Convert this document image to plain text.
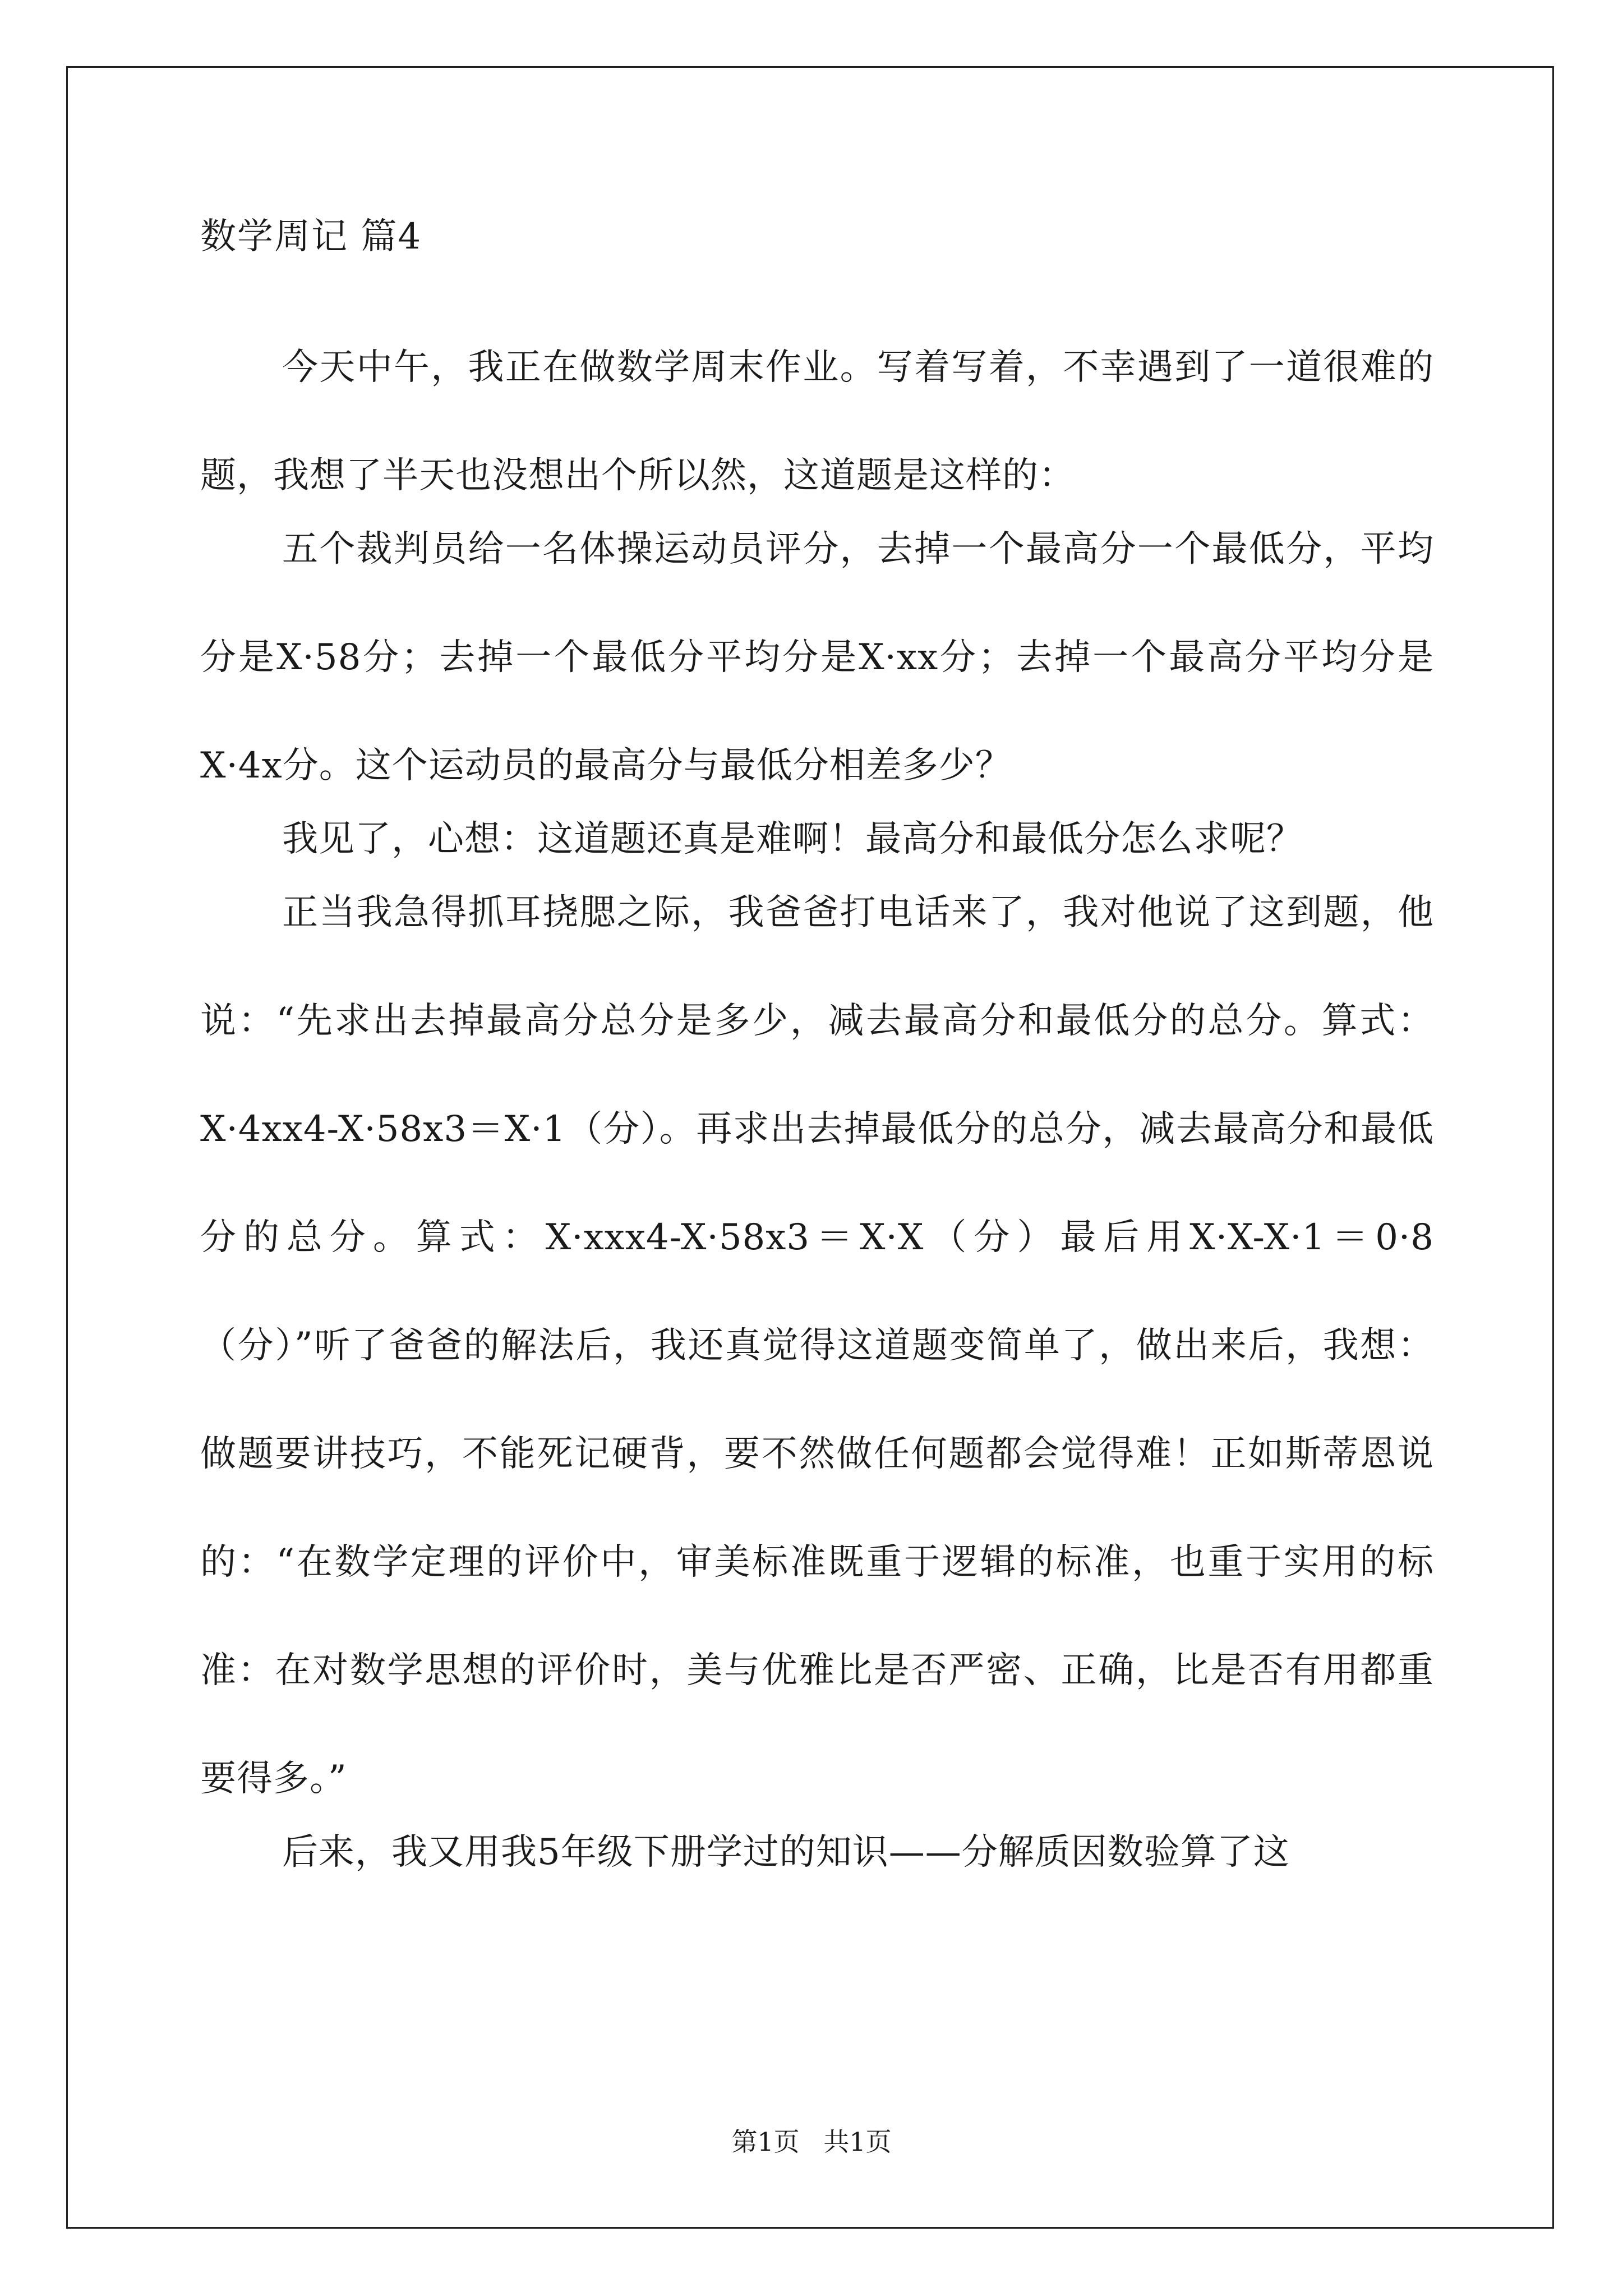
数学周记 篇4

今天中午，我正在做数学周末作业。写着写着，不幸遇到了一道很难的题，我想了半天也没想出个所以然，这道题是这样的：

五个裁判员给一名体操运动员评分，去掉一个最高分一个最低分，平均分是X·58分；去掉一个最低分平均分是X·xx分；去掉一个最高分平均分是X·4x分。这个运动员的最高分与最低分相差多少？

我见了，心想：这道题还真是难啊！最高分和最低分怎么求呢？

正当我急得抓耳挠腮之际，我爸爸打电话来了，我对他说了这到题，他说：“先求出去掉最高分总分是多少，减去最高分和最低分的总分。算式：X·4xx4-X·58x3＝X·1（分）。再求出去掉最低分的总分，减去最高分和最低分的总分。算式：X·xxx4-X·58x3＝X·X（分）最后用X·X-X·1＝0·8（分）”听了爸爸的解法后，我还真觉得这道题变简单了，做出来后，我想：做题要讲技巧，不能死记硬背，要不然做任何题都会觉得难！正如斯蒂恩说的：“在数学定理的评价中，审美标准既重于逻辑的标准，也重于实用的标准：在对数学思想的评价时，美与优雅比是否严密、正确，比是否有用都重要得多。”

后来，我又用我5年级下册学过的知识——分解质因数验算了这

第1页 共1页
